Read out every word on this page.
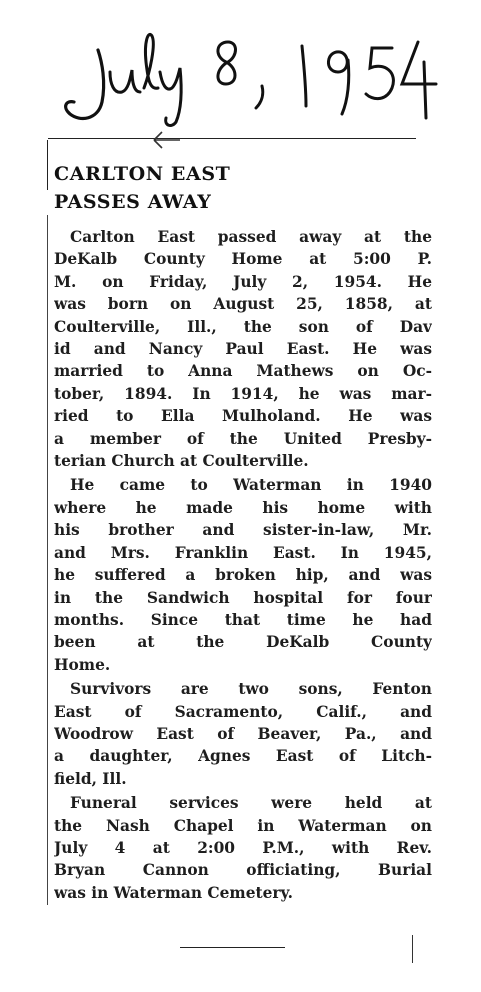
CARLTON EAST
PASSES AWAY
Carlton East passed away at the
DeKalb County Home at 5:00 P.
M. on Friday, July 2, 1954. He
was born on August 25, 1858, at
Coulterville, Ill., the son of Dav
id and Nancy Paul East. He was
married to Anna Mathews on Oc-
tober, 1894. In 1914, he was mar-
ried to Ella Mulholand. He was
a member of the United Presby-
terian Church at Coulterville.
He came to Waterman in 1940
where he made his home with
his brother and sister-in-law, Mr.
and Mrs. Franklin East. In 1945,
he suffered a broken hip, and was
in the Sandwich hospital for four
months. Since that time he had
been at the DeKalb County
Home.
Survivors are two sons, Fenton
East of Sacramento, Calif., and
Woodrow East of Beaver, Pa., and
a daughter, Agnes East of Litch-
field, Ill.
Funeral services were held at
the Nash Chapel in Waterman on
July 4 at 2:00 P.M., with Rev.
Bryan Cannon officiating, Burial
was in Waterman Cemetery.
